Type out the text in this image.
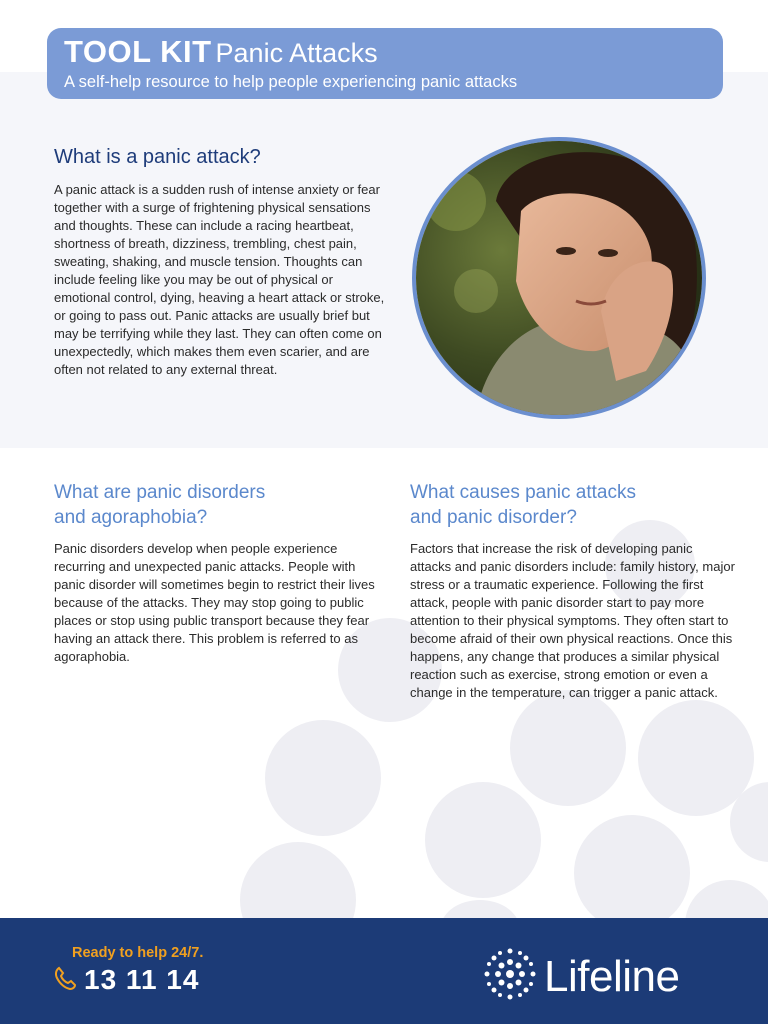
TOOL KIT Panic Attacks
A self-help resource to help people experiencing panic attacks
What is a panic attack?

A panic attack is a sudden rush of intense anxiety or fear together with a surge of frightening physical sensations and thoughts. These can include a racing heartbeat, shortness of breath, dizziness, trembling, chest pain, sweating, shaking, and muscle tension. Thoughts can include feeling like you may be out of physical or emotional control, dying, heaving a heart attack or stroke, or going to pass out. Panic attacks are usually brief but may be terrifying while they last. They can often come on unexpectedly, which makes them even scarier, and are often not related to any external threat.

What are panic disorders
and agoraphobia?

Panic disorders develop when people experience recurring and unexpected panic attacks. People with panic disorder will sometimes begin to restrict their lives because of the attacks. They may stop going to public places or stop using public transport because they fear having an attack there. This problem is referred to as agoraphobia.

What causes panic attacks
and panic disorder?

Factors that increase the risk of developing panic attacks and panic disorders include: family history, major stress or a traumatic experience. Following the first attack, people with panic disorder start to pay more attention to their physical symptoms. They often start to become afraid of their own physical reactions. Once this happens, any change that produces a similar physical reaction such as exercise, strong emotion or even a change in the temperature, can trigger a panic attack.

Ready to help 24/7.
13 11 14	Lifeline
